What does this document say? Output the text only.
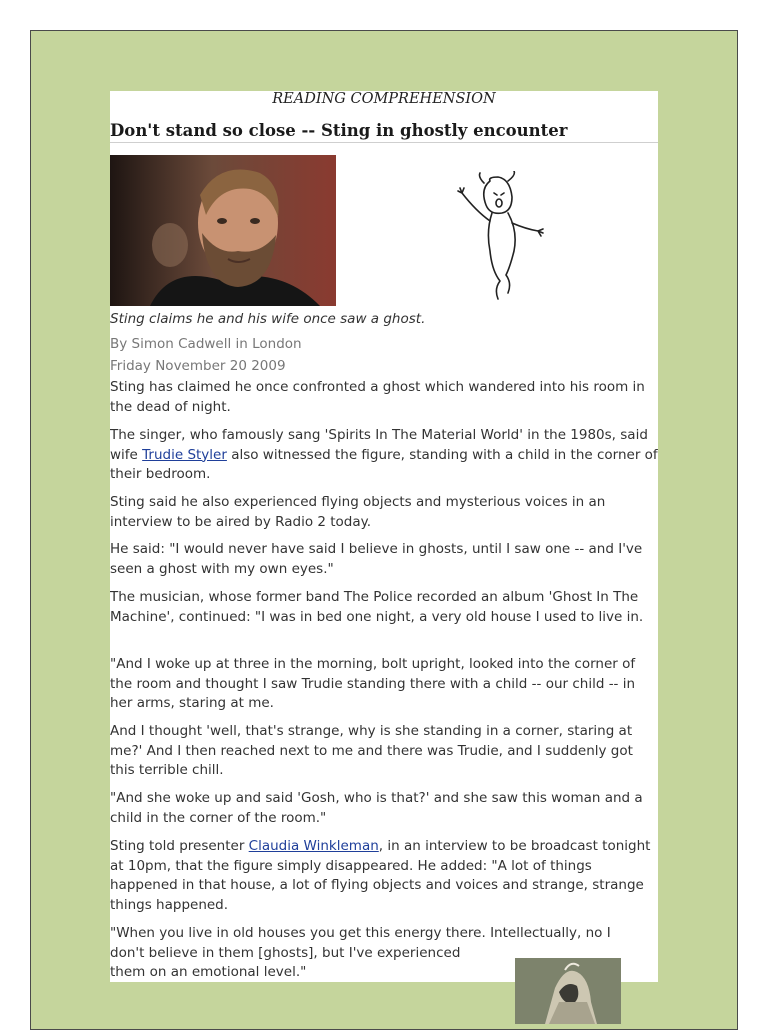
READING COMPREHENSION
Don't stand so close -- Sting in ghostly encounter
Sting claims he and his wife once saw a ghost.
By Simon Cadwell in London
Friday November 20 2009
Sting has claimed he once confronted a ghost which wandered into his room in the dead of night.
The singer, who famously sang 'Spirits In The Material World' in the 1980s, said wife Trudie Styler also witnessed the figure, standing with a child in the corner of their bedroom.
Sting said he also experienced flying objects and mysterious voices in an interview to be aired by Radio 2 today.
He said: "I would never have said I believe in ghosts, until I saw one -- and I've seen a ghost with my own eyes."
The musician, whose former band The Police recorded an album 'Ghost In The Machine', continued: "I was in bed one night, a very old house I used to live in.
"And I woke up at three in the morning, bolt upright, looked into the corner of the room and thought I saw Trudie standing there with a child -- our child -- in her arms, staring at me.
And I thought 'well, that's strange, why is she standing in a corner, staring at me?' And I then reached next to me and there was Trudie, and I suddenly got this terrible chill.
"And she woke up and said 'Gosh, who is that?' and she saw this woman and a child in the corner of the room."
Sting told presenter Claudia Winkleman, in an interview to be broadcast tonight at 10pm, that the figure simply disappeared. He added: "A lot of things happened in that house, a lot of flying objects and voices and strange, strange things happened.
"When you live in old houses you get this energy there. Intellectually, no I
don't believe in them [ghosts], but I've experienced
them on an emotional level."
